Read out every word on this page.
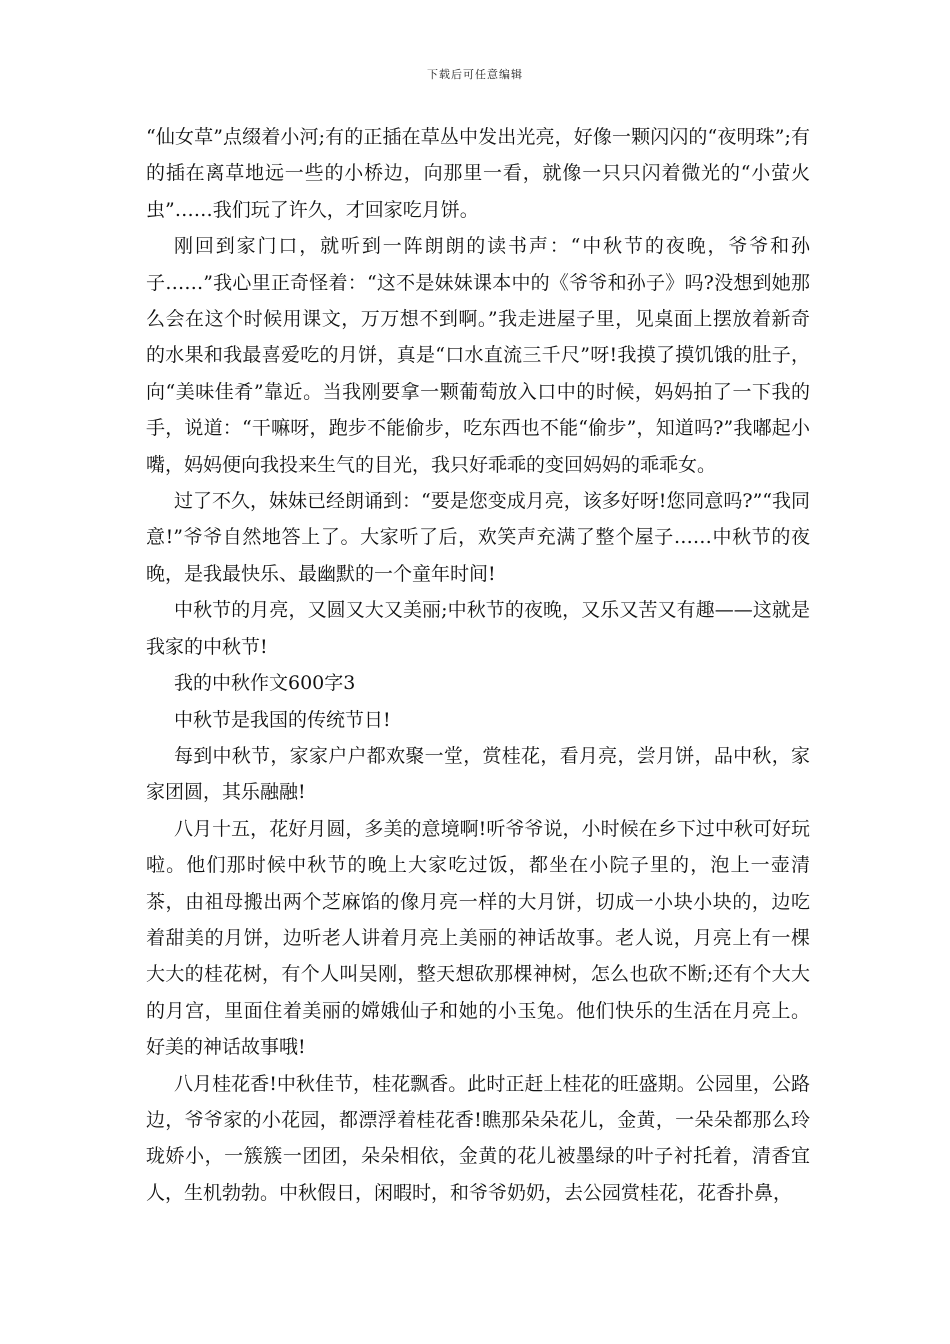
下载后可任意编辑

“仙女草”点缀着小河;有的正插在草丛中发出光亮，好像一颗闪闪的“夜明珠”;有的插在离草地远一些的小桥边，向那里一看，就像一只只闪着微光的“小萤火虫”……我们玩了许久，才回家吃月饼。

刚回到家门口，就听到一阵朗朗的读书声：“中秋节的夜晚，爷爷和孙子……”我心里正奇怪着：“这不是妹妹课本中的《爷爷和孙子》吗?没想到她那么会在这个时候用课文，万万想不到啊。”我走进屋子里，见桌面上摆放着新奇的水果和我最喜爱吃的月饼，真是“口水直流三千尺”呀!我摸了摸饥饿的肚子，向“美味佳肴”靠近。当我刚要拿一颗葡萄放入口中的时候，妈妈拍了一下我的手，说道：“干嘛呀，跑步不能偷步，吃东西也不能“偷步”，知道吗?”我嘟起小嘴，妈妈便向我投来生气的目光，我只好乖乖的变回妈妈的乖乖女。

过了不久，妹妹已经朗诵到：“要是您变成月亮，该多好呀!您同意吗?”“我同意!”爷爷自然地答上了。大家听了后，欢笑声充满了整个屋子……中秋节的夜晚，是我最快乐、最幽默的一个童年时间!

中秋节的月亮，又圆又大又美丽;中秋节的夜晚，又乐又苦又有趣——这就是我家的中秋节!

我的中秋作文600字3

中秋节是我国的传统节日!

每到中秋节，家家户户都欢聚一堂，赏桂花，看月亮，尝月饼，品中秋，家家团圆，其乐融融!

八月十五，花好月圆，多美的意境啊!听爷爷说，小时候在乡下过中秋可好玩啦。他们那时候中秋节的晚上大家吃过饭，都坐在小院子里的，泡上一壶清茶，由祖母搬出两个芝麻馅的像月亮一样的大月饼，切成一小块小块的，边吃着甜美的月饼，边听老人讲着月亮上美丽的神话故事。老人说，月亮上有一棵大大的桂花树，有个人叫吴刚，整天想砍那棵神树，怎么也砍不断;还有个大大的月宫，里面住着美丽的嫦娥仙子和她的小玉兔。他们快乐的生活在月亮上。好美的神话故事哦!

八月桂花香!中秋佳节，桂花飘香。此时正赶上桂花的旺盛期。公园里，公路边，爷爷家的小花园，都漂浮着桂花香!瞧那朵朵花儿，金黄，一朵朵都那么玲珑娇小，一簇簇一团团，朵朵相依，金黄的花儿被墨绿的叶子衬托着，清香宜人，生机勃勃。中秋假日，闲暇时，和爷爷奶奶，去公园赏桂花，花香扑鼻，
